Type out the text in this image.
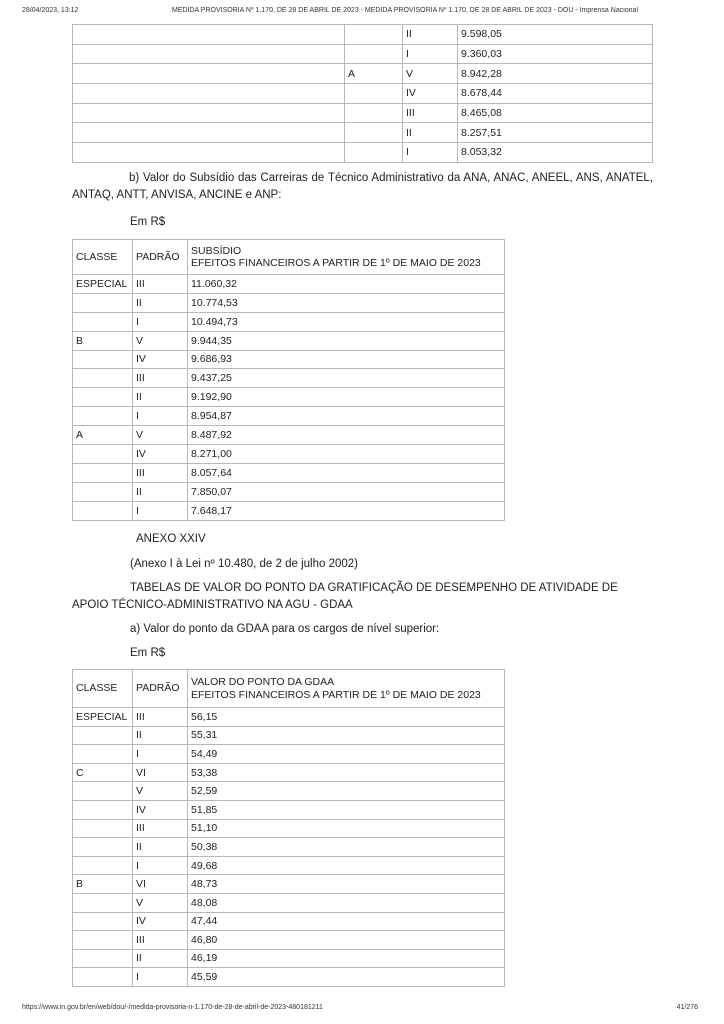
28/04/2023, 13:12	MEDIDA PROVISÓRIA Nº 1.170, DE 28 DE ABRIL DE 2023 - MEDIDA PROVISÓRIA Nº 1.170, DE 28 DE ABRIL DE 2023 - DOU - Imprensa Nacional
		II	9.598,05
		I	9.360,03
	A	V	8.942,28
		IV	8.678,44
		III	8.465,08
		II	8.257,51
		I	8.053,32
b) Valor do Subsídio das Carreiras de Técnico Administrativo da ANA, ANAC, ANEEL, ANS, ANATEL, ANTAQ, ANTT, ANVISA, ANCINE e ANP:
Em R$
CLASSE	PADRÃO	SUBSÍDIO
EFEITOS FINANCEIROS A PARTIR DE 1º DE MAIO DE 2023
ESPECIAL	III	11.060,32
	II	10.774,53
	I	10.494,73
B	V	9.944,35
	IV	9.686,93
	III	9.437,25
	II	9.192,90
	I	8.954,87
A	V	8.487,92
	IV	8.271,00
	III	8.057,64
	II	7.850,07
	I	7.648,17
ANEXO XXIV
(Anexo I à Lei nº 10.480, de 2 de julho 2002)
TABELAS DE VALOR DO PONTO DA GRATIFICAÇÃO DE DESEMPENHO DE ATIVIDADE DE APOIO TÉCNICO-ADMINISTRATIVO NA AGU - GDAA
a) Valor do ponto da GDAA para os cargos de nível superior:
Em R$
CLASSE	PADRÃO	VALOR DO PONTO DA GDAA
EFEITOS FINANCEIROS A PARTIR DE 1º DE MAIO DE 2023
ESPECIAL	III	56,15
	II	55,31
	I	54,49
C	VI	53,38
	V	52,59
	IV	51,85
	III	51,10
	II	50,38
	I	49,68
B	VI	48,73
	V	48,08
	IV	47,44
	III	46,80
	II	46,19
	I	45,59
https://www.in.gov.br/en/web/dou/-/medida-provisoria-n-1.170-de-28-de-abril-de-2023-480181211	41/276
